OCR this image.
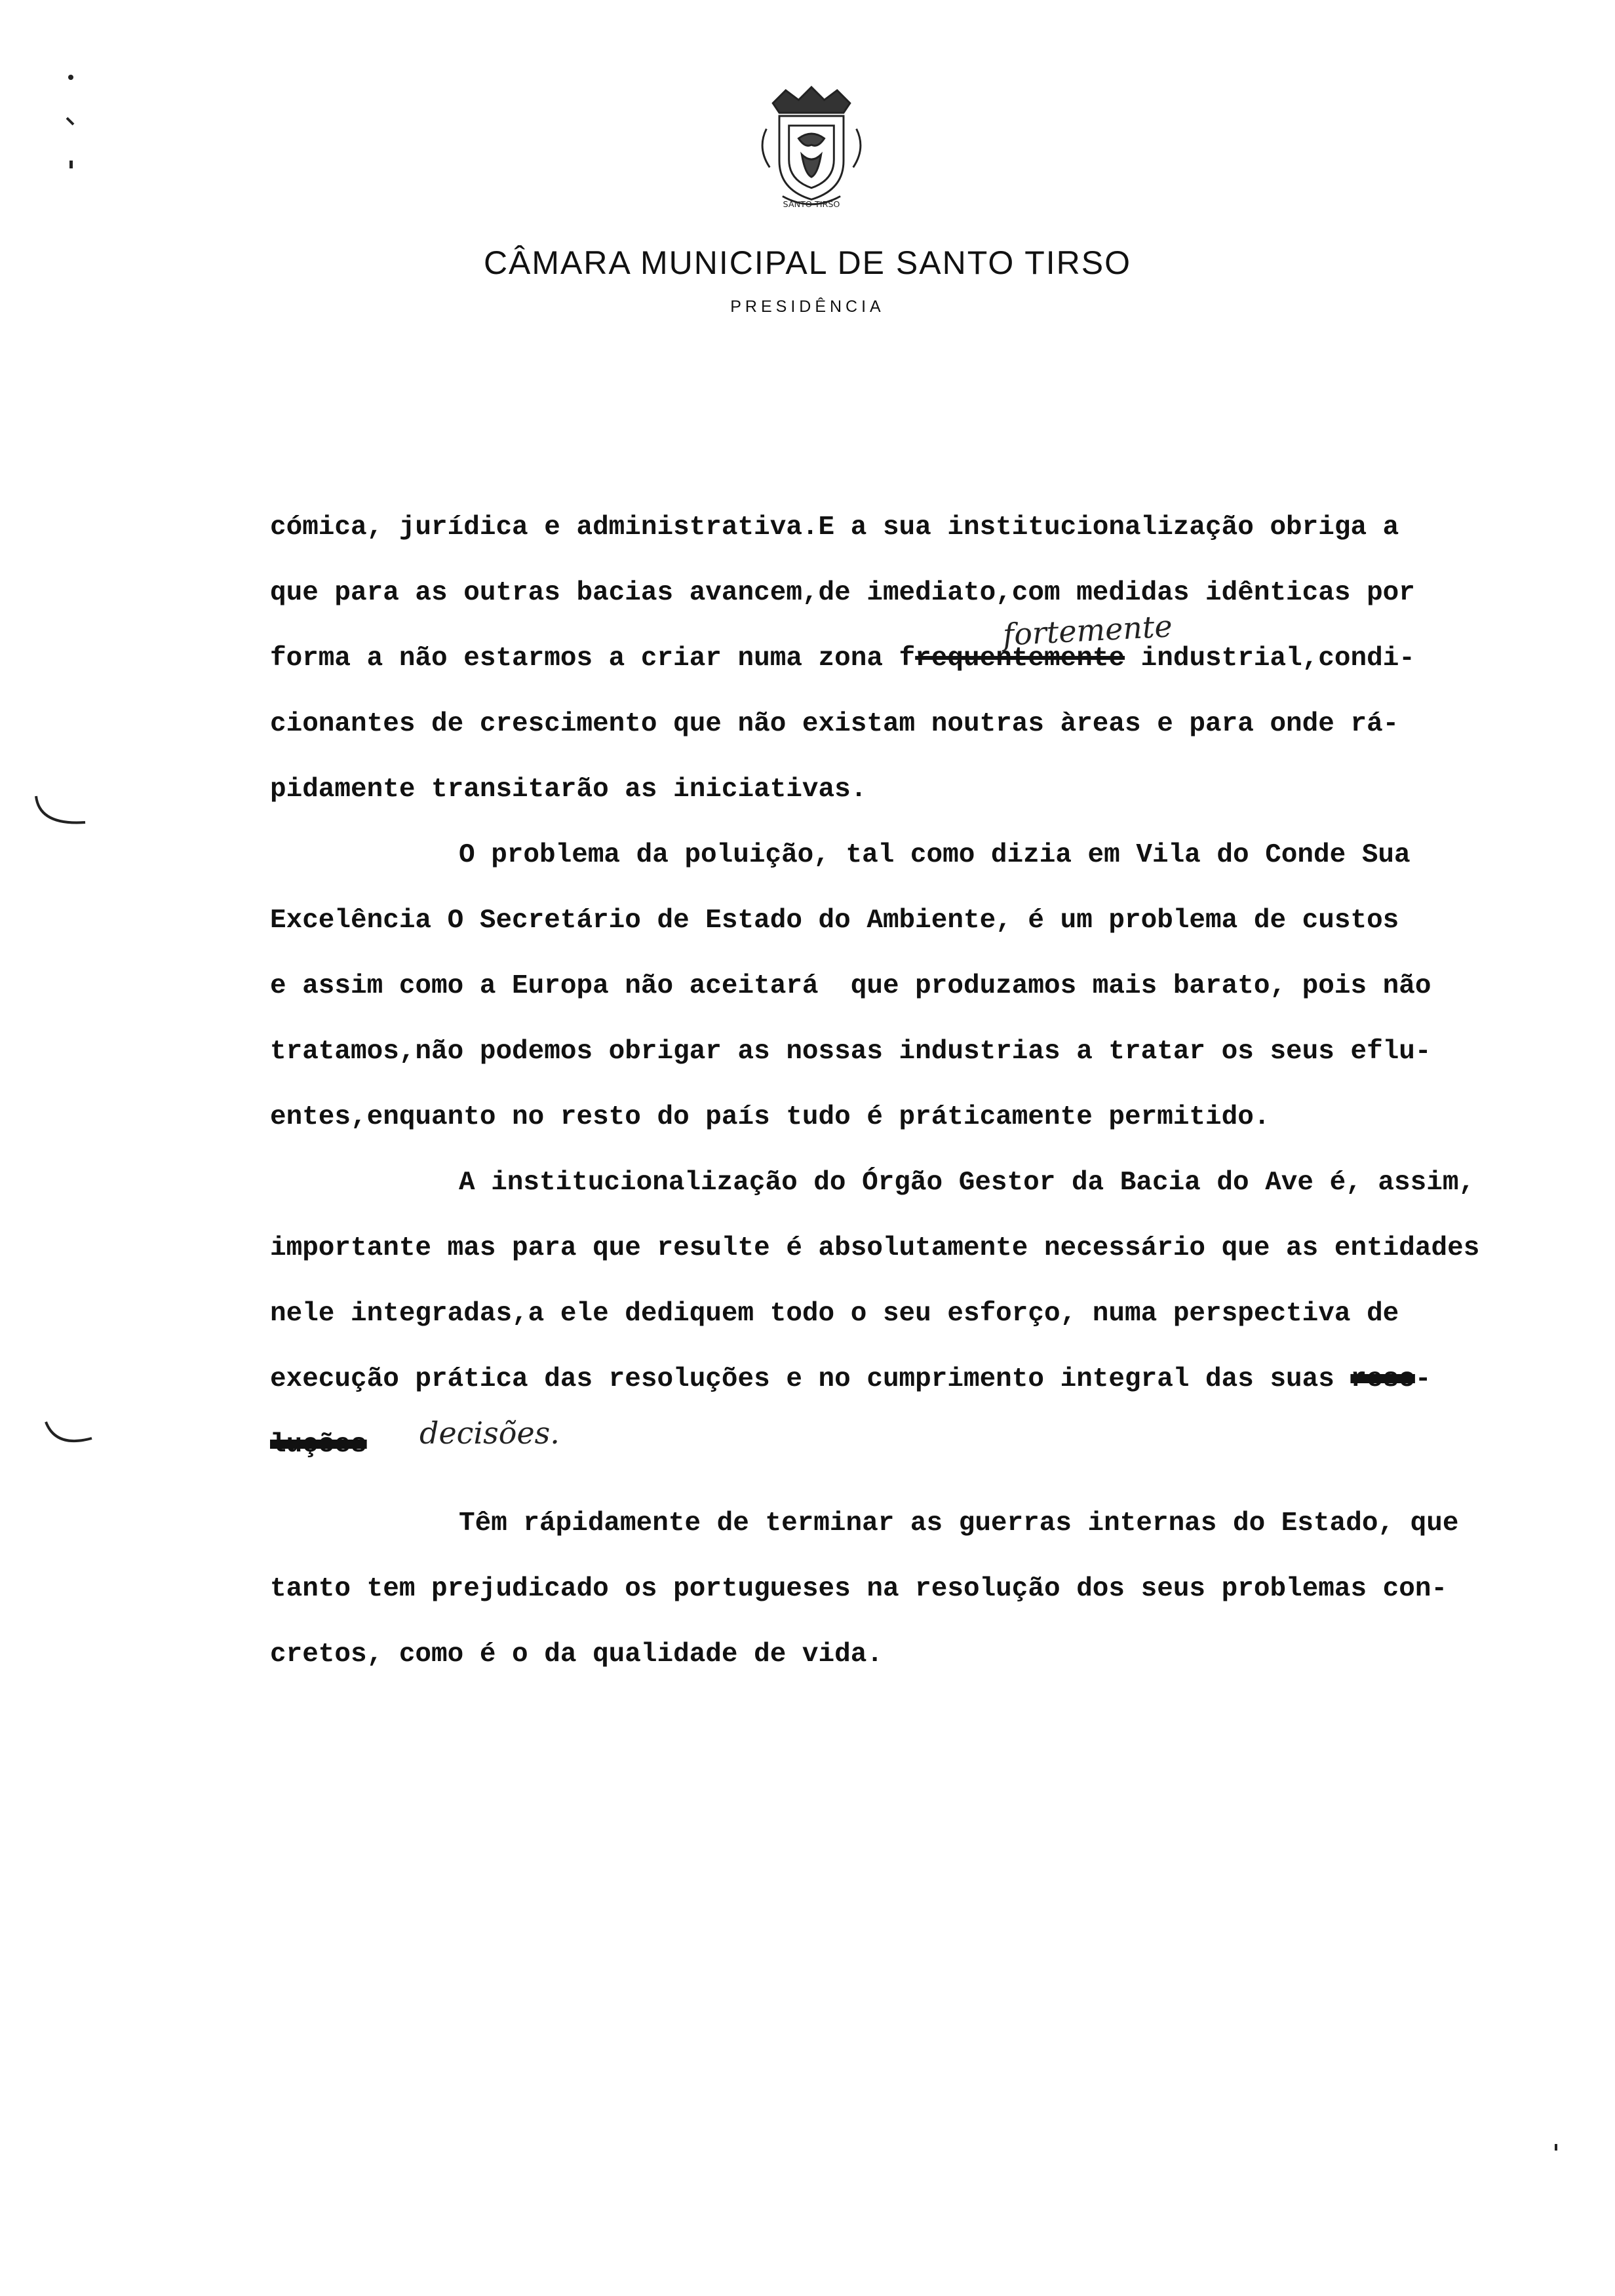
SANTO TIRSO
CÂMARA MUNICIPAL DE SANTO TIRSO
PRESIDÊNCIA
cómica, jurídica e administrativa.E a sua institucionalização obriga a
que para as outras bacias avancem,de imediato,com medidas idênticas por
forma a não estarmos a criar numa zona frequentemente industrial,condi-
fortemente
cionantes de crescimento que não existam noutras àreas e para onde rá-
pidamente transitarão as iniciativas.
O problema da poluição, tal como dizia em Vila do Conde Sua
Excelência O Secretário de Estado do Ambiente, é um problema de custos
e assim como a Europa não aceitará  que produzamos mais barato, pois não
tratamos,não podemos obrigar as nossas industrias a tratar os seus eflu-
entes,enquanto no resto do país tudo é práticamente permitido.
A institucionalização do Órgão Gestor da Bacia do Ave é, assim,
importante mas para que resulte é absolutamente necessário que as entidades
nele integradas,a ele dediquem todo o seu esforço, numa perspectiva de
execução prática das resoluções e no cumprimento integral das suas reso-
luções	decisões.
Têm rápidamente de terminar as guerras internas do Estado, que
tanto tem prejudicado os portugueses na resolução dos seus problemas con-
cretos, como é o da qualidade de vida.
